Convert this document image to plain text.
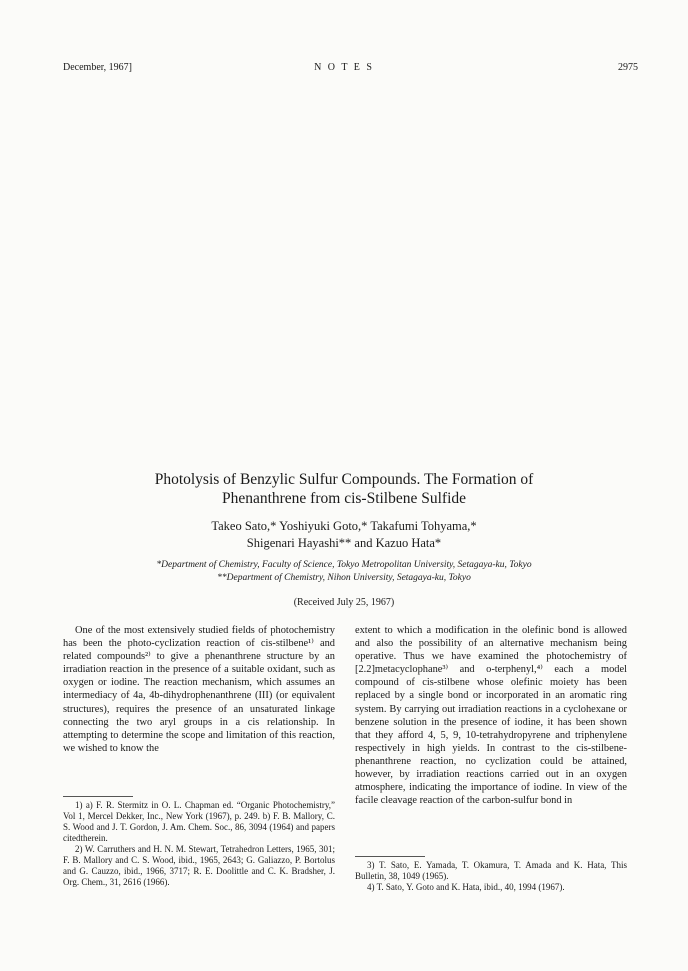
December, 1967]	N O T E S	2975
Photolysis of Benzylic Sulfur Compounds. The Formation of
Phenanthrene from cis-Stilbene Sulfide
Takeo Sato,* Yoshiyuki Goto,* Takafumi Tohyama,*
Shigenari Hayashi** and Kazuo Hata*
*Department of Chemistry, Faculty of Science, Tokyo Metropolitan University, Setagaya-ku, Tokyo
**Department of Chemistry, Nihon University, Setagaya-ku, Tokyo
(Received July 25, 1967)
One of the most extensively studied fields of photochemistry has been the photo-cyclization reaction of cis-stilbene¹⁾ and related compounds²⁾ to give a phenanthrene structure by an irradiation reaction in the presence of a suitable oxidant, such as oxygen or iodine. The reaction mechanism, which assumes an intermediacy of 4a, 4b-dihydrophenanthrene (III) (or equivalent structures), requires the presence of an unsaturated linkage connecting the two aryl groups in a cis relationship. In attempting to determine the scope and limitation of this reaction, we wished to know the
extent to which a modification in the olefinic bond is allowed and also the possibility of an alternative mechanism being operative. Thus we have examined the photochemistry of [2.2]metacyclophane³⁾ and o-terphenyl,⁴⁾ each a model compound of cis-stilbene whose olefinic moiety has been replaced by a single bond or incorporated in an aromatic ring system. By carrying out irradiation reactions in a cyclohexane or benzene solution in the presence of iodine, it has been shown that they afford 4, 5, 9, 10-tetrahydropyrene and triphenylene respectively in high yields. In contrast to the cis-stilbene-phenanthrene reaction, no cyclization could be attained, however, by irradiation reactions carried out in an oxygen atmosphere, indicating the importance of iodine. In view of the facile cleavage reaction of the carbon-sulfur bond in

1) a) F. R. Stermitz in O. L. Chapman ed. “Organic Photochemistry,” Vol 1, Mercel Dekker, Inc., New York (1967), p. 249. b) F. B. Mallory, C. S. Wood and J. T. Gordon, J. Am. Chem. Soc., 86, 3094 (1964) and papers citedtherein.

2) W. Carruthers and H. N. M. Stewart, Tetrahedron Letters, 1965, 301; F. B. Mallory and C. S. Wood, ibid., 1965, 2643; G. Galiazzo, P. Bortolus and G. Cauzzo, ibid., 1966, 3717; R. E. Doolittle and C. K. Bradsher, J. Org. Chem., 31, 2616 (1966).

3) T. Sato, E. Yamada, T. Okamura, T. Amada and K. Hata, This Bulletin, 38, 1049 (1965).

4) T. Sato, Y. Goto and K. Hata, ibid., 40, 1994 (1967).
